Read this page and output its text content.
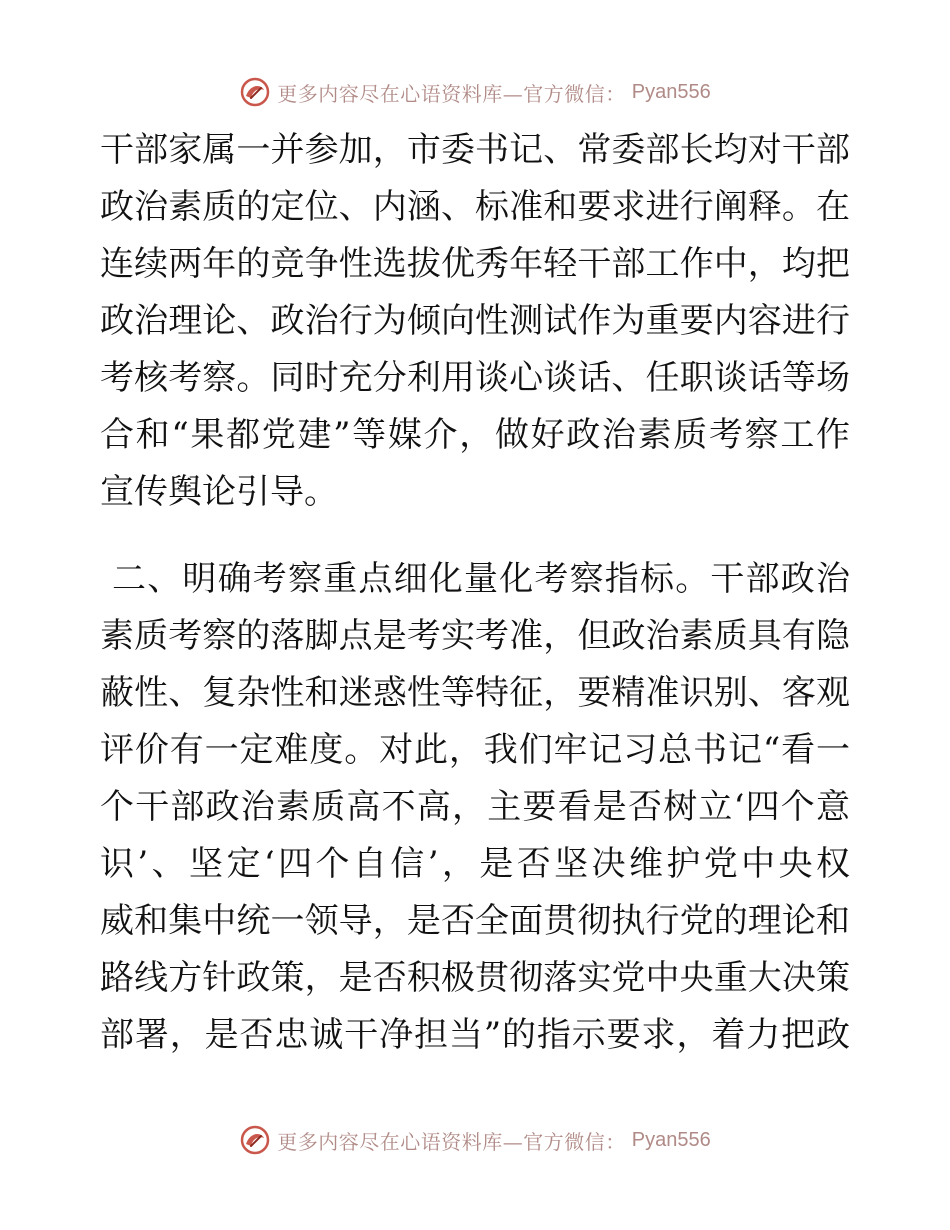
更多内容尽在心语资料库—官方微信： Pyan556
干部家属一并参加，市委书记、常委部长均对干部
政治素质的定位、内涵、标准和要求进行阐释。在
连续两年的竞争性选拔优秀年轻干部工作中，均把
政治理论、政治行为倾向性测试作为重要内容进行
考核考察。同时充分利用谈心谈话、任职谈话等场
合和“果都党建”等媒介，做好政治素质考察工作
宣传舆论引导。
二、明确考察重点细化量化考察指标。干部政治
素质考察的落脚点是考实考准，但政治素质具有隐
蔽性、复杂性和迷惑性等特征，要精准识别、客观
评价有一定难度。对此，我们牢记习总书记“看一
个干部政治素质高不高，主要看是否树立‘四个意
识’、坚定‘四个自信’，是否坚决维护党中央权
威和集中统一领导，是否全面贯彻执行党的理论和
路线方针政策，是否积极贯彻落实党中央重大决策
部署，是否忠诚干净担当”的指示要求，着力把政
更多内容尽在心语资料库—官方微信： Pyan556
